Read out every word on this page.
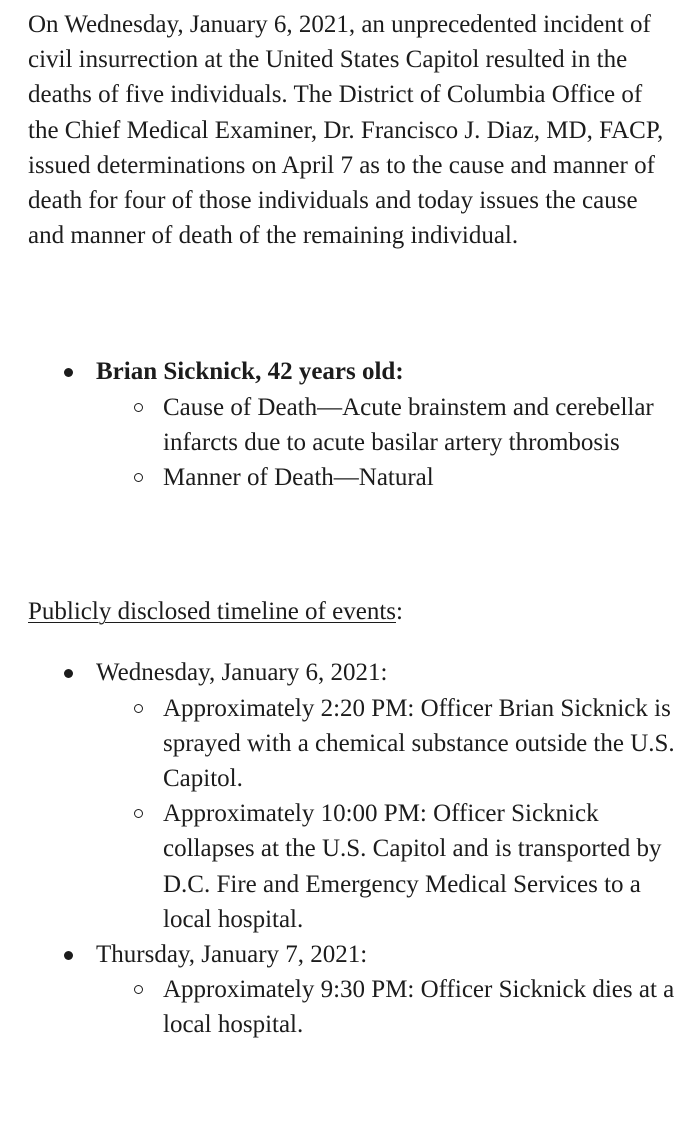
On Wednesday, January 6, 2021, an unprecedented incident of civil insurrection at the United States Capitol resulted in the deaths of five individuals. The District of Columbia Office of the Chief Medical Examiner, Dr. Francisco J. Diaz, MD, FACP, issued determinations on April 7 as to the cause and manner of death for four of those individuals and today issues the cause and manner of death of the remaining individual.

Brian Sicknick, 42 years old:
Cause of Death—Acute brainstem and cerebellar infarcts due to acute basilar artery thrombosis
Manner of Death—Natural
Publicly disclosed timeline of events:
Wednesday, January 6, 2021:
Approximately 2:20 PM: Officer Brian Sicknick is sprayed with a chemical substance outside the U.S. Capitol.
Approximately 10:00 PM: Officer Sicknick collapses at the U.S. Capitol and is transported by D.C. Fire and Emergency Medical Services to a local hospital.
Thursday, January 7, 2021:
Approximately 9:30 PM: Officer Sicknick dies at a local hospital.
